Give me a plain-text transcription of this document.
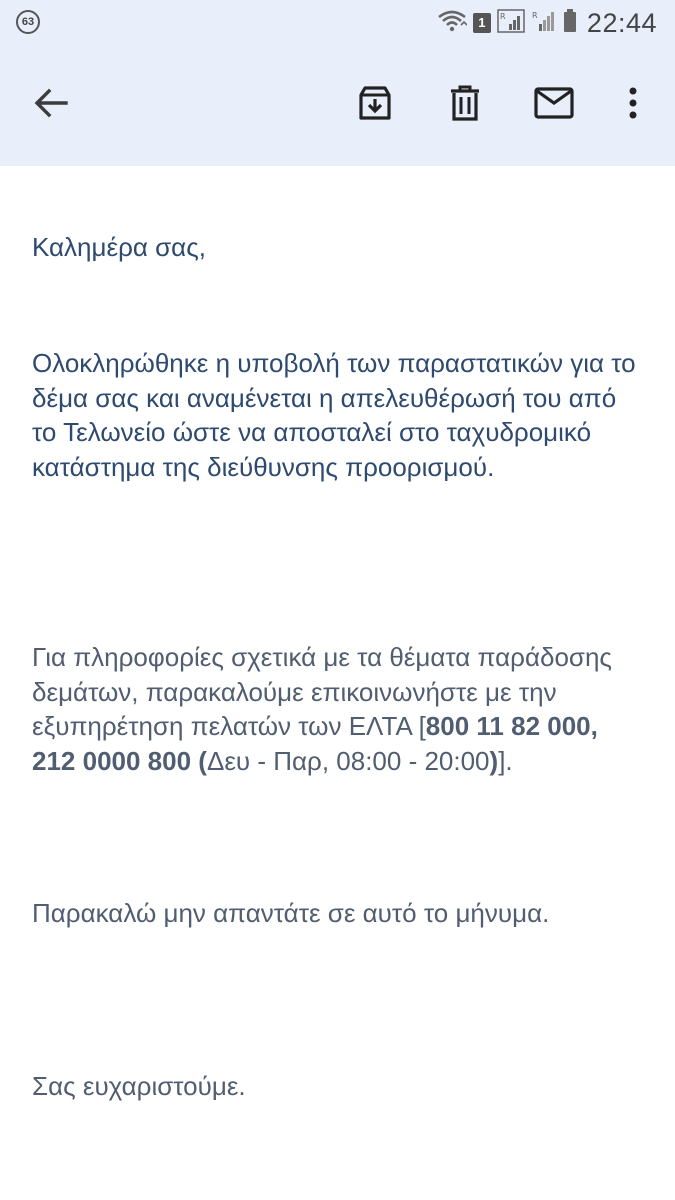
63	1	R	R 22:44

Καλημέρα σας,

Ολοκληρώθηκε η υποβολή των παραστατικών για το δέμα σας και αναμένεται η απελευθέρωσή του από το Τελωνείο ώστε να αποσταλεί στο ταχυδρομικό κατάστημα της διεύθυνσης προορισμού.

Για πληροφορίες σχετικά με τα θέματα παράδοσης δεμάτων, παρακαλούμε επικοινωνήστε με την εξυπηρέτηση πελατών των ΕΛΤΑ [800 11 82 000, 212 0000 800 (Δευ - Παρ, 08:00 - 20:00)].

Παρακαλώ μην απαντάτε σε αυτό το μήνυμα.

Σας ευχαριστούμε.
